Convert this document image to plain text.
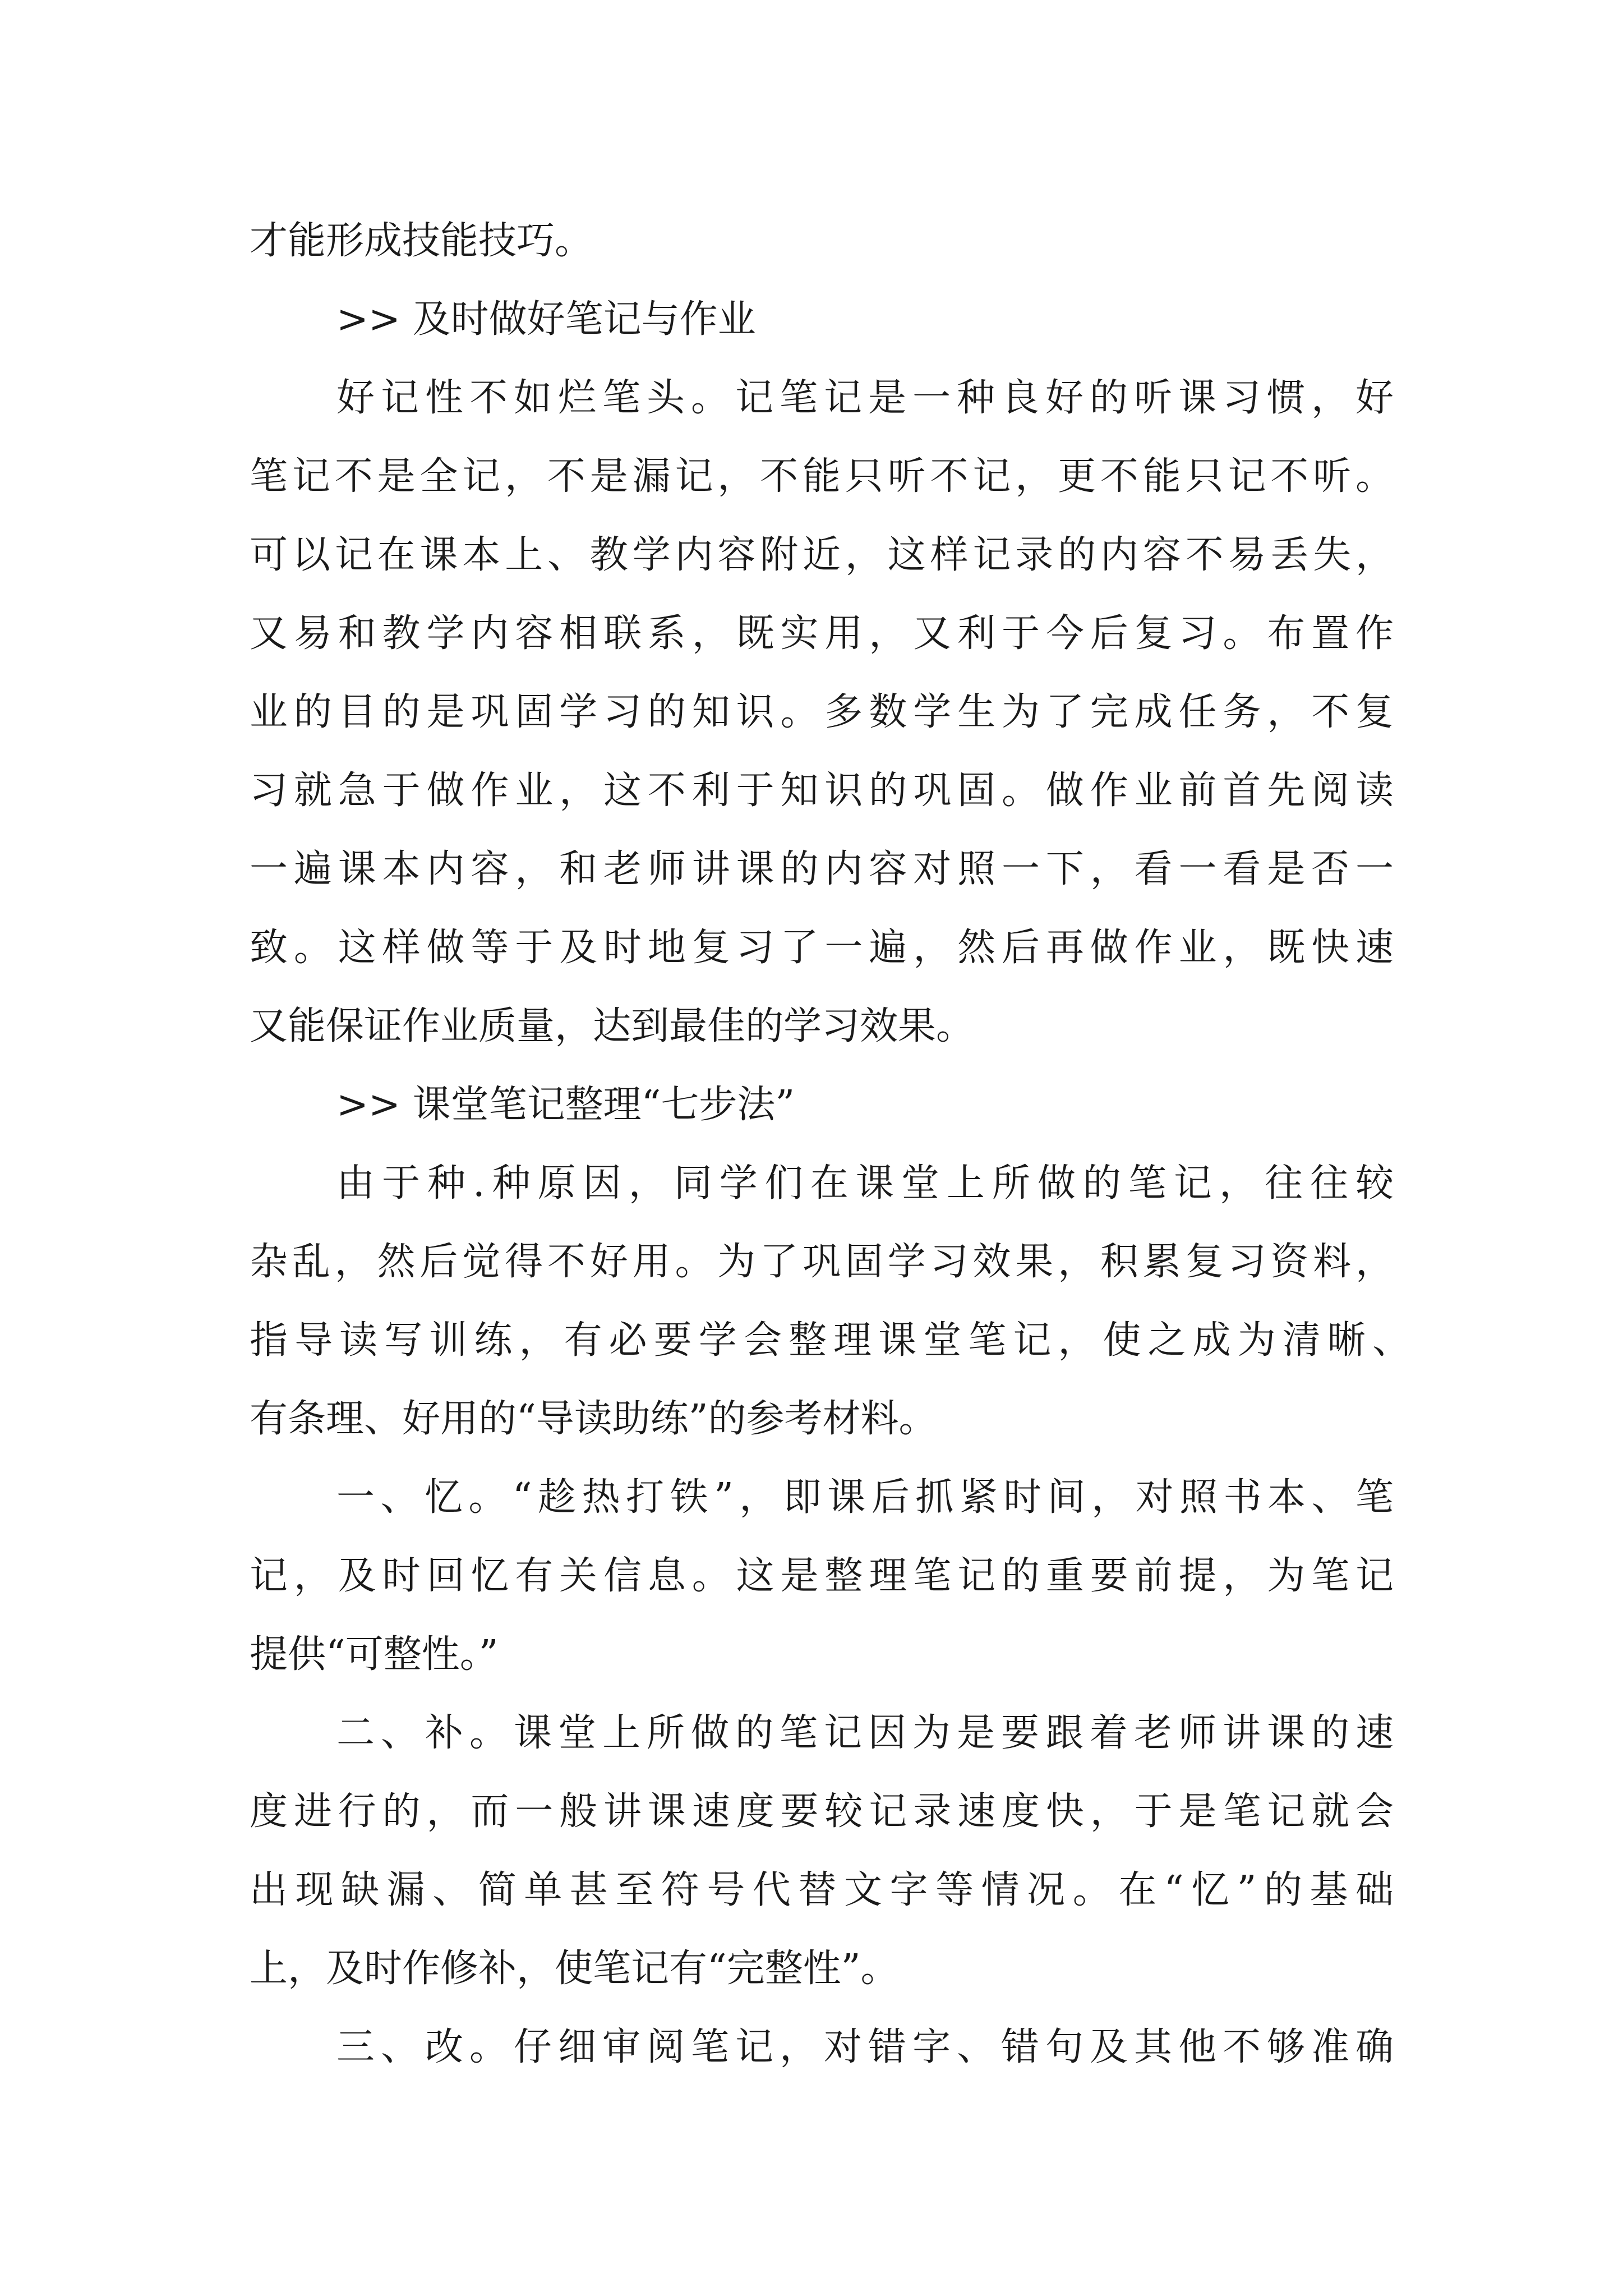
才能形成技能技巧。
>> 及时做好笔记与作业
好记性不如烂笔头。记笔记是一种良好的听课习惯，好
笔记不是全记，不是漏记，不能只听不记，更不能只记不听。
可以记在课本上、教学内容附近，这样记录的内容不易丢失，
又易和教学内容相联系，既实用，又利于今后复习。布置作
业的目的是巩固学习的知识。多数学生为了完成任务，不复
习就急于做作业，这不利于知识的巩固。做作业前首先阅读
一遍课本内容，和老师讲课的内容对照一下，看一看是否一
致。这样做等于及时地复习了一遍，然后再做作业，既快速
又能保证作业质量，达到最佳的学习效果。
>> 课堂笔记整理“七步法”
由于种.种原因，同学们在课堂上所做的笔记，往往较
杂乱，然后觉得不好用。为了巩固学习效果，积累复习资料，
指导读写训练，有必要学会整理课堂笔记，使之成为清晰、
有条理、好用的“导读助练”的参考材料。
一、忆。“趁热打铁”，即课后抓紧时间，对照书本、笔
记，及时回忆有关信息。这是整理笔记的重要前提，为笔记
提供“可整性。”
二、补。课堂上所做的笔记因为是要跟着老师讲课的速
度进行的，而一般讲课速度要较记录速度快，于是笔记就会
出现缺漏、简单甚至符号代替文字等情况。在“忆”的基础
上，及时作修补，使笔记有“完整性”。
三、改。仔细审阅笔记，对错字、错句及其他不够准确
